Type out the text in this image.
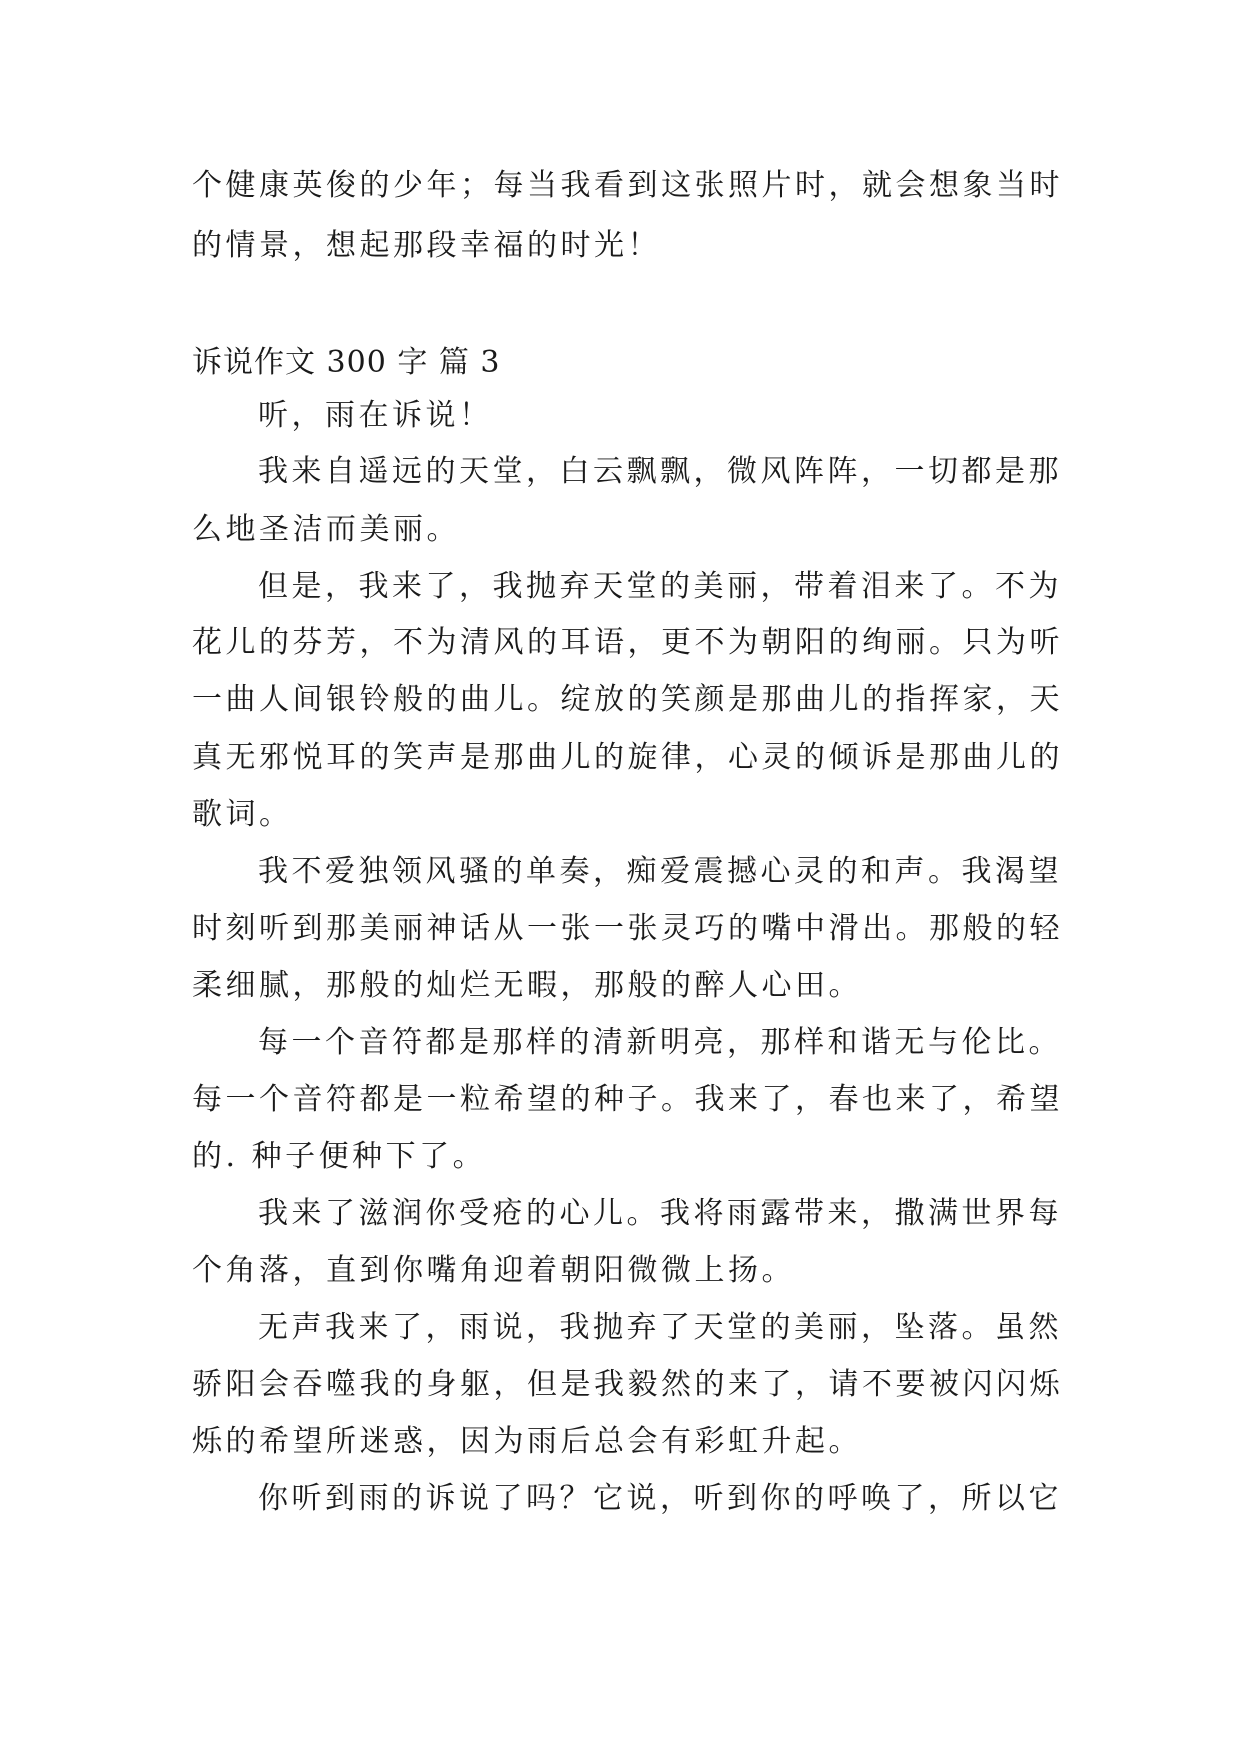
个健康英俊的少年；每当我看到这张照片时，就会想象当时
的情景，想起那段幸福的时光！
诉说作文 300 字 篇 3
听，雨在诉说！
我来自遥远的天堂，白云飘飘，微风阵阵，一切都是那
么地圣洁而美丽。
但是，我来了，我抛弃天堂的美丽，带着泪来了。不为
花儿的芬芳，不为清风的耳语，更不为朝阳的绚丽。只为听
一曲人间银铃般的曲儿。绽放的笑颜是那曲儿的指挥家，天
真无邪悦耳的笑声是那曲儿的旋律，心灵的倾诉是那曲儿的
歌词。
我不爱独领风骚的单奏，痴爱震撼心灵的和声。我渴望
时刻听到那美丽神话从一张一张灵巧的嘴中滑出。那般的轻
柔细腻，那般的灿烂无暇，那般的醉人心田。
每一个音符都是那样的清新明亮，那样和谐无与伦比。
每一个音符都是一粒希望的种子。我来了，春也来了，希望
的. 种子便种下了。
我来了滋润你受疮的心儿。我将雨露带来，撒满世界每
个角落，直到你嘴角迎着朝阳微微上扬。
无声我来了，雨说，我抛弃了天堂的美丽，坠落。虽然
骄阳会吞噬我的身躯，但是我毅然的来了，请不要被闪闪烁
烁的希望所迷惑，因为雨后总会有彩虹升起。
你听到雨的诉说了吗？它说，听到你的呼唤了，所以它
